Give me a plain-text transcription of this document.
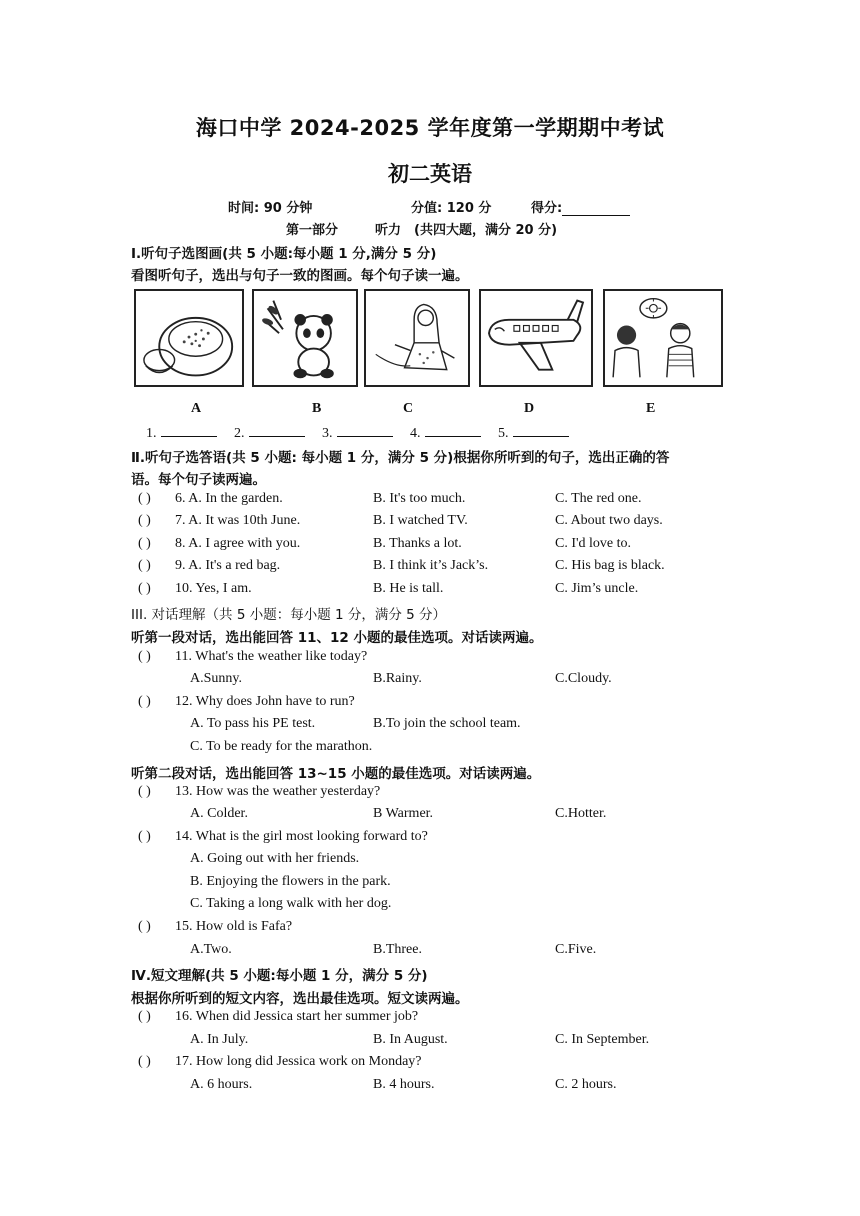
海口中学 2024-2025 学年度第一学期期中考试
初二英语
时间: 90 分钟	分值: 120 分	得分:
第一部分	听力 (共四大题，满分 20 分)
I.听句子选图画(共 5 小题:每小题 1 分,满分 5 分)
看图听句子，选出与句子一致的图画。每个句子读一遍。
A	B	C	D	E
1.	2.	3.	4.	5.
Ⅱ.听句子选答语(共 5 小题: 每小题 1 分，满分 5 分)根据你所听到的句子，选出正确的答
语。每个句子读两遍。
( ) 6. A. In the garden.	B. It's too much.	C. The red one.
( ) 7. A. It was 10th June.	B. I watched TV.	C. About two days.
( ) 8. A. I agree with you.	B. Thanks a lot.	C. I'd love to.
( ) 9. A. It's a red bag.	B. I think it’s Jack’s.	C. His bag is black.
( ) 10. Yes, I am.	B. He is tall.	C. Jim’s uncle.
III. 对话理解（共 5 小题：每小题 1 分，满分 5 分）
听第一段对话，选出能回答 11、12 小题的最佳选项。对话读两遍。
( ) 11. What's the weather like today?
A.Sunny.	B.Rainy.	C.Cloudy.
( ) 12. Why does John have to run?
A. To pass his PE test.	B.To join the school team.
C. To be ready for the marathon.
听第二段对话，选出能回答 13~15 小题的最佳选项。对话读两遍。
( ) 13. How was the weather yesterday?
A. Colder.	B Warmer.	C.Hotter.
( ) 14. What is the girl most looking forward to?
A. Going out with her friends.
B. Enjoying the flowers in the park.
C. Taking a long walk with her dog.
( ) 15. How old is Fafa?
A.Two.	B.Three.	C.Five.
Ⅳ.短文理解(共 5 小题:每小题 1 分，满分 5 分)
根据你所听到的短文内容，选出最佳选项。短文读两遍。
( ) 16. When did Jessica start her summer job?
A. In July.	B. In August.	C. In September.
( ) 17. How long did Jessica work on Monday?
A. 6 hours.	B. 4 hours.	C. 2 hours.
